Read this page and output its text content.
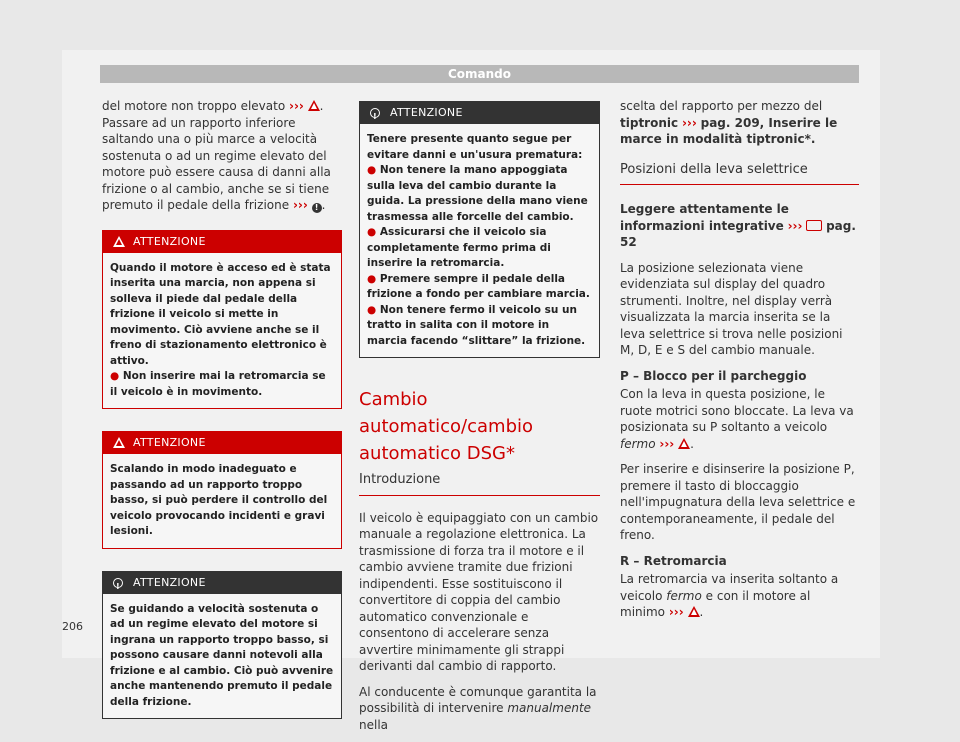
Comando

del motore non troppo elevato ››› . Passare ad un rapporto inferiore saltando una o più marce a velocità sostenuta o ad un regime elevato del motore può essere causa di danni alla frizione o al cambio, anche se si tiene premuto il pedale della frizione ››› ! .

ATTENZIONE

Quando il motore è acceso ed è stata inserita una marcia, non appena si solleva il piede dal pedale della frizione il veicolo si mette in movimento. Ciò avviene anche se il freno di stazionamento elettronico è attivo.

● Non inserire mai la retromarcia se il veicolo è in movimento.

ATTENZIONE

Scalando in modo inadeguato e passando ad un rapporto troppo basso, si può perdere il controllo del veicolo provocando incidenti e gravi lesioni.

!
ATTENZIONE

Se guidando a velocità sostenuta o ad un regime elevato del motore si ingrana un rapporto troppo basso, si possono causare danni notevoli alla frizione e al cambio. Ciò può avvenire anche mantenendo premuto il pedale della frizione.

!
ATTENZIONE

Tenere presente quanto segue per evitare danni e un'usura prematura:

● Non tenere la mano appoggiata sulla leva del cambio durante la guida. La pressione della mano viene trasmessa alle forcelle del cambio.

● Assicurarsi che il veicolo sia completamente fermo prima di inserire la retromarcia.

● Premere sempre il pedale della frizione a fondo per cambiare marcia.

● Non tenere fermo il veicolo su un tratto in salita con il motore in marcia facendo “slittare” la frizione.

Cambio automatico/cambio automatico DSG*
Introduzione

Il veicolo è equipaggiato con un cambio manuale a regolazione elettronica. La trasmissione di forza tra il motore e il cambio avviene tramite due frizioni indipendenti. Esse sostituiscono il convertitore di coppia del cambio automatico convenzionale e consentono di accelerare senza avvertire minimamente gli strappi derivanti dal cambio di rapporto.

Al conducente è comunque garantita la possibilità di intervenire manualmente nella

scelta del rapporto per mezzo del tiptronic ››› pag. 209, Inserire le marce in modalità tiptronic*.

Posizioni della leva selettrice

Leggere attentamente le informazioni integrative ››› pag. 52

La posizione selezionata viene evidenziata sul display del quadro strumenti. Inoltre, nel display verrà visualizzata la marcia inserita se la leva selettrice si trova nelle posizioni M, D, E e S del cambio manuale.

P – Blocco per il parcheggio

Con la leva in questa posizione, le ruote motrici sono bloccate. La leva va posizionata su P soltanto a veicolo fermo ››› .

Per inserire e disinserire la posizione P, premere il tasto di bloccaggio nell'impugnatura della leva selettrice e contemporaneamente, il pedale del freno.

R – Retromarcia

La retromarcia va inserita soltanto a veicolo fermo e con il motore al minimo ››› .

206
